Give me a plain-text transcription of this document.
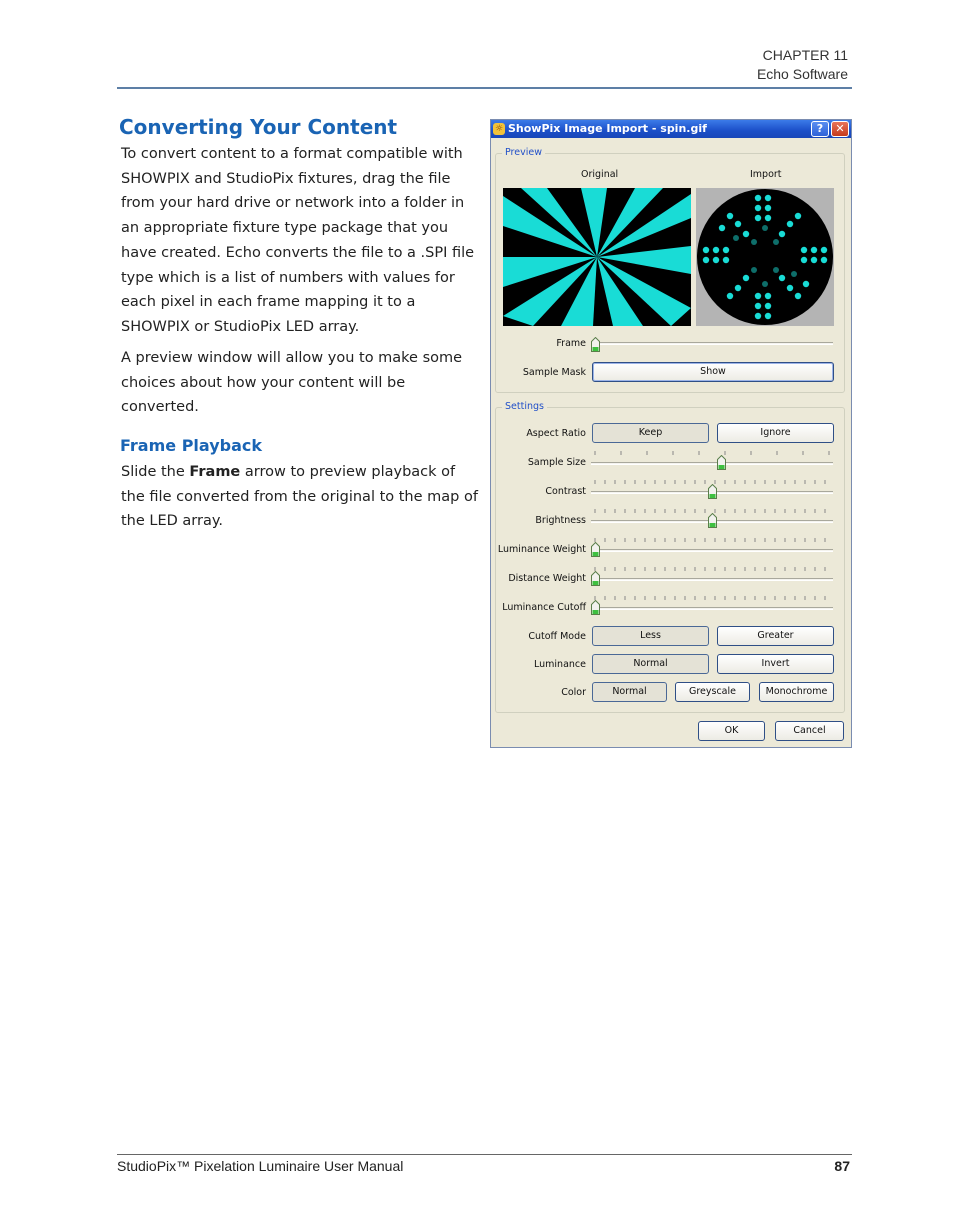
CHAPTER 11
Echo Software
Converting Your Content

To convert content to a format compatible with SHOWPIX and StudioPix fixtures, drag the file from your hard drive or network into a folder in an appropriate fixture type package that you have created. Echo converts the file to a .SPI file type which is a list of numbers with values for each pixel in each frame mapping it to a SHOWPIX or StudioPix LED array.

A preview window will allow you to make some choices about how your content will be converted.

Frame Playback

Slide the Frame arrow to preview playback of the file converted from the original to the map of the LED array.

☼ ShowPix Image Import - spin.gif	?	✕
Preview
Original	Import
Frame
Sample Mask	Show
Settings
Aspect Ratio	Keep	Ignore
Sample Size
Contrast
Brightness
Luminance Weight
Distance Weight
Luminance Cutoff
Cutoff Mode	Less	Greater
Luminance	Normal	Invert
Color	Normal	Greyscale	Monochrome
OK	Cancel
StudioPix™ Pixelation Luminaire User Manual	87
